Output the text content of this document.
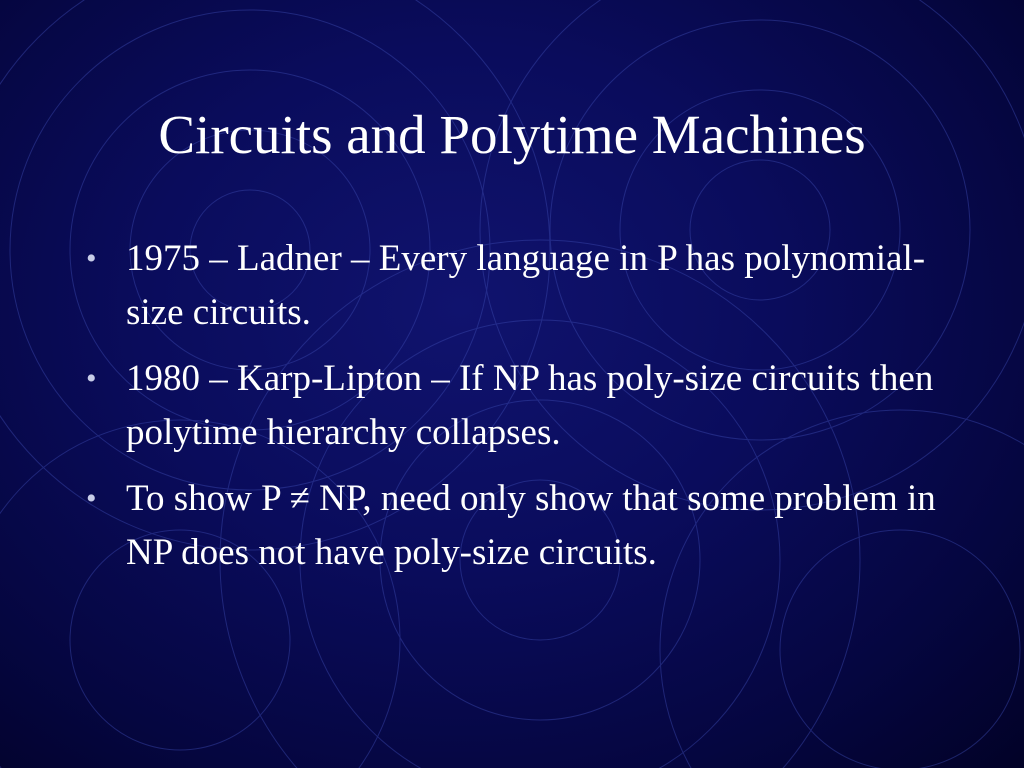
Circuits and Polytime Machines
• 1975 – Ladner – Every language in P has polynomial-size circuits.
• 1980 – Karp-Lipton – If NP has poly-size circuits then polytime hierarchy collapses.
• To show P ≠ NP, need only show that some problem in NP does not have poly-size circuits.
